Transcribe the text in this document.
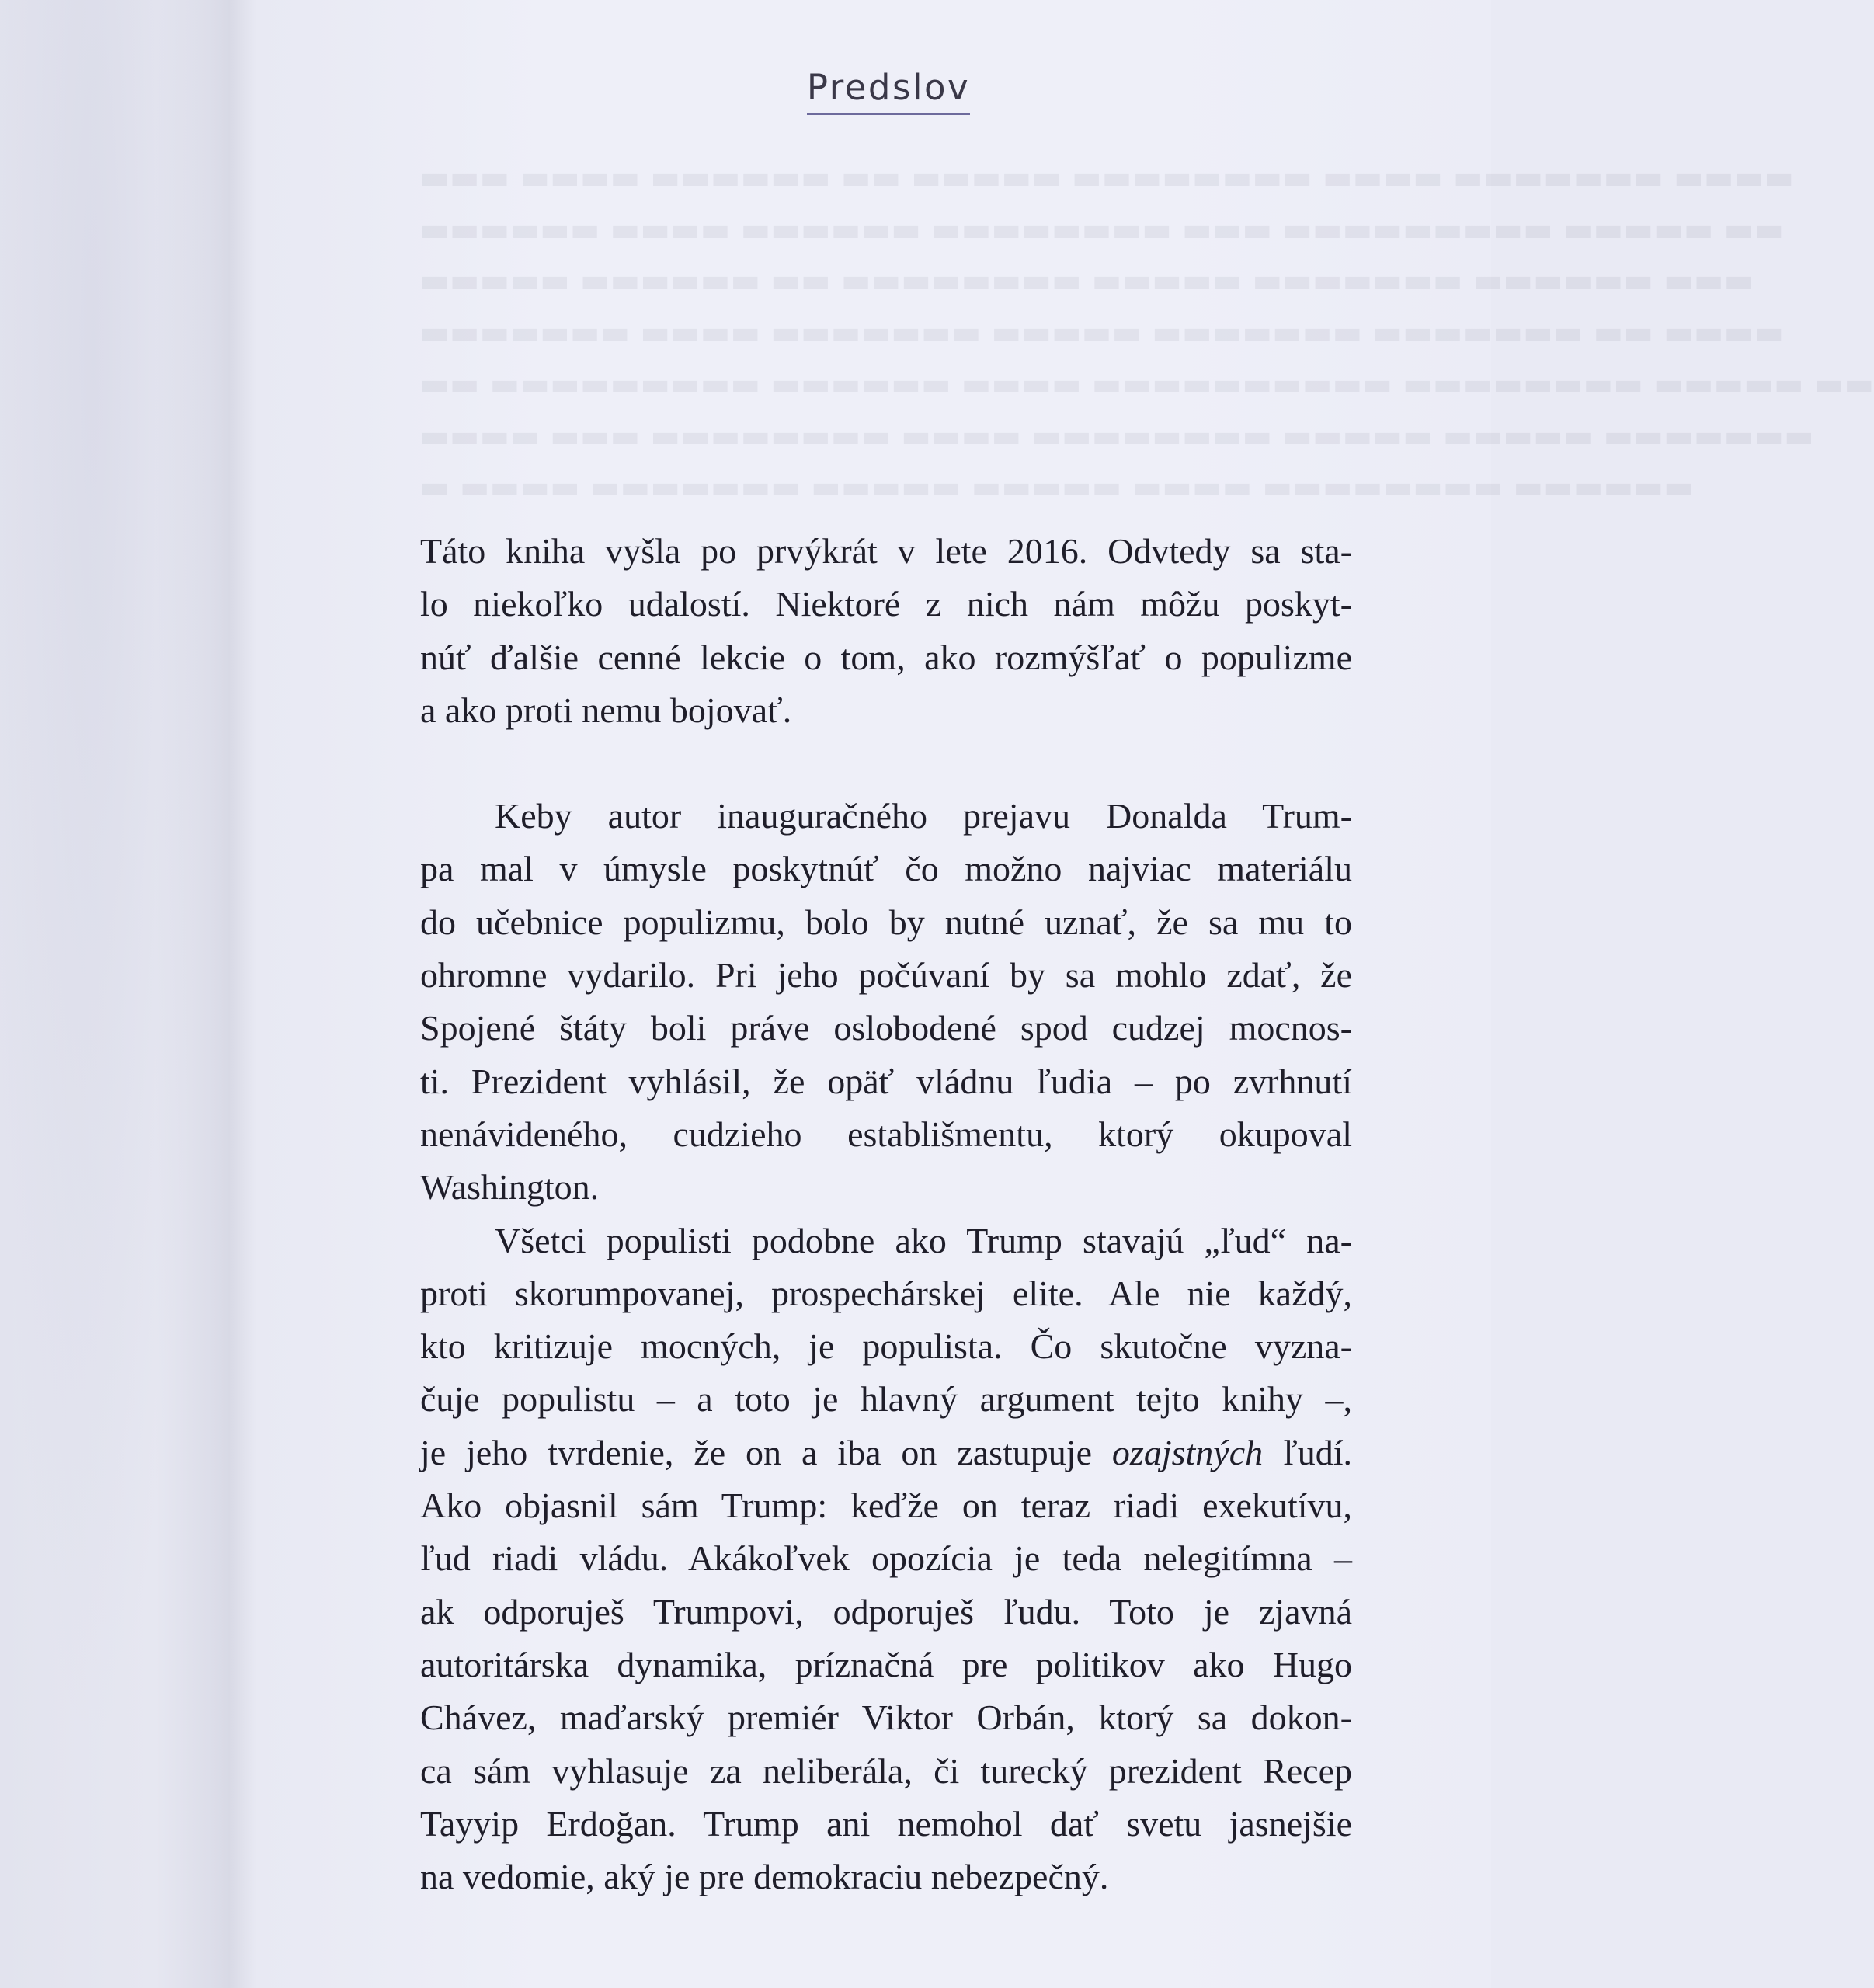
▬▬▬ ▬▬▬▬ ▬▬▬▬▬▬ ▬▬ ▬▬▬▬▬ ▬▬▬▬▬▬▬▬ ▬▬▬▬ ▬▬▬▬▬▬▬ ▬▬▬▬
▬▬▬▬▬▬ ▬▬▬▬ ▬▬▬▬▬▬ ▬▬▬▬▬▬▬▬ ▬▬▬ ▬▬▬▬▬▬▬▬▬ ▬▬▬▬▬ ▬▬
▬▬▬▬▬ ▬▬▬▬▬▬ ▬▬ ▬▬▬▬▬▬▬▬ ▬▬▬▬▬ ▬▬▬▬▬▬▬ ▬▬▬▬▬▬ ▬▬▬
▬▬▬▬▬▬▬ ▬▬▬▬ ▬▬▬▬▬▬▬ ▬▬▬▬▬ ▬▬▬▬▬▬▬ ▬▬▬▬▬▬▬ ▬▬ ▬▬▬▬
▬▬ ▬▬▬▬▬▬▬▬▬ ▬▬▬▬▬▬ ▬▬▬▬ ▬▬▬▬▬▬▬▬▬▬ ▬▬▬▬▬▬▬▬ ▬▬▬▬▬ ▬▬
▬▬▬▬ ▬▬▬ ▬▬▬▬▬▬▬▬ ▬▬▬▬ ▬▬▬▬▬▬▬▬ ▬▬▬▬▬ ▬▬▬▬▬ ▬▬▬▬▬▬▬
▬ ▬▬▬▬ ▬▬▬▬▬▬▬ ▬▬▬▬▬ ▬▬▬▬▬ ▬▬▬▬ ▬▬▬▬▬▬▬▬ ▬▬▬▬▬▬
Predslov
Táto kniha vyšla po prvýkrát v lete 2016. Odvtedy sa sta-
lo niekoľko udalostí. Niektoré z nich nám môžu poskyt-
núť ďalšie cenné lekcie o tom, ako rozmýšľať o populizme
a ako proti nemu bojovať.
Keby autor inauguračného prejavu Donalda Trum-
pa mal v úmysle poskytnúť čo možno najviac materiálu
do učebnice populizmu, bolo by nutné uznať, že sa mu to
ohromne vydarilo. Pri jeho počúvaní by sa mohlo zdať, že
Spojené štáty boli práve oslobodené spod cudzej mocnos-
ti. Prezident vyhlásil, že opäť vládnu ľudia – po zvrhnutí
nenávideného, cudzieho establišmentu, ktorý okupoval
Washington.
Všetci populisti podobne ako Trump stavajú „ľud“ na-
proti skorumpovanej, prospechárskej elite. Ale nie každý,
kto kritizuje mocných, je populista. Čo skutočne vyzna-
čuje populistu – a toto je hlavný argument tejto knihy –,
je jeho tvrdenie, že on a iba on zastupuje ozajstných ľudí.
Ako objasnil sám Trump: keďže on teraz riadi exekutívu,
ľud riadi vládu. Akákoľvek opozícia je teda nelegitímna –
ak odporuješ Trumpovi, odporuješ ľudu. Toto je zjavná
autoritárska dynamika, príznačná pre politikov ako Hugo
Chávez, maďarský premiér Viktor Orbán, ktorý sa dokon-
ca sám vyhlasuje za neliberála, či turecký prezident Recep
Tayyip Erdoğan. Trump ani nemohol dať svetu jasnejšie
na vedomie, aký je pre demokraciu nebezpečný.
